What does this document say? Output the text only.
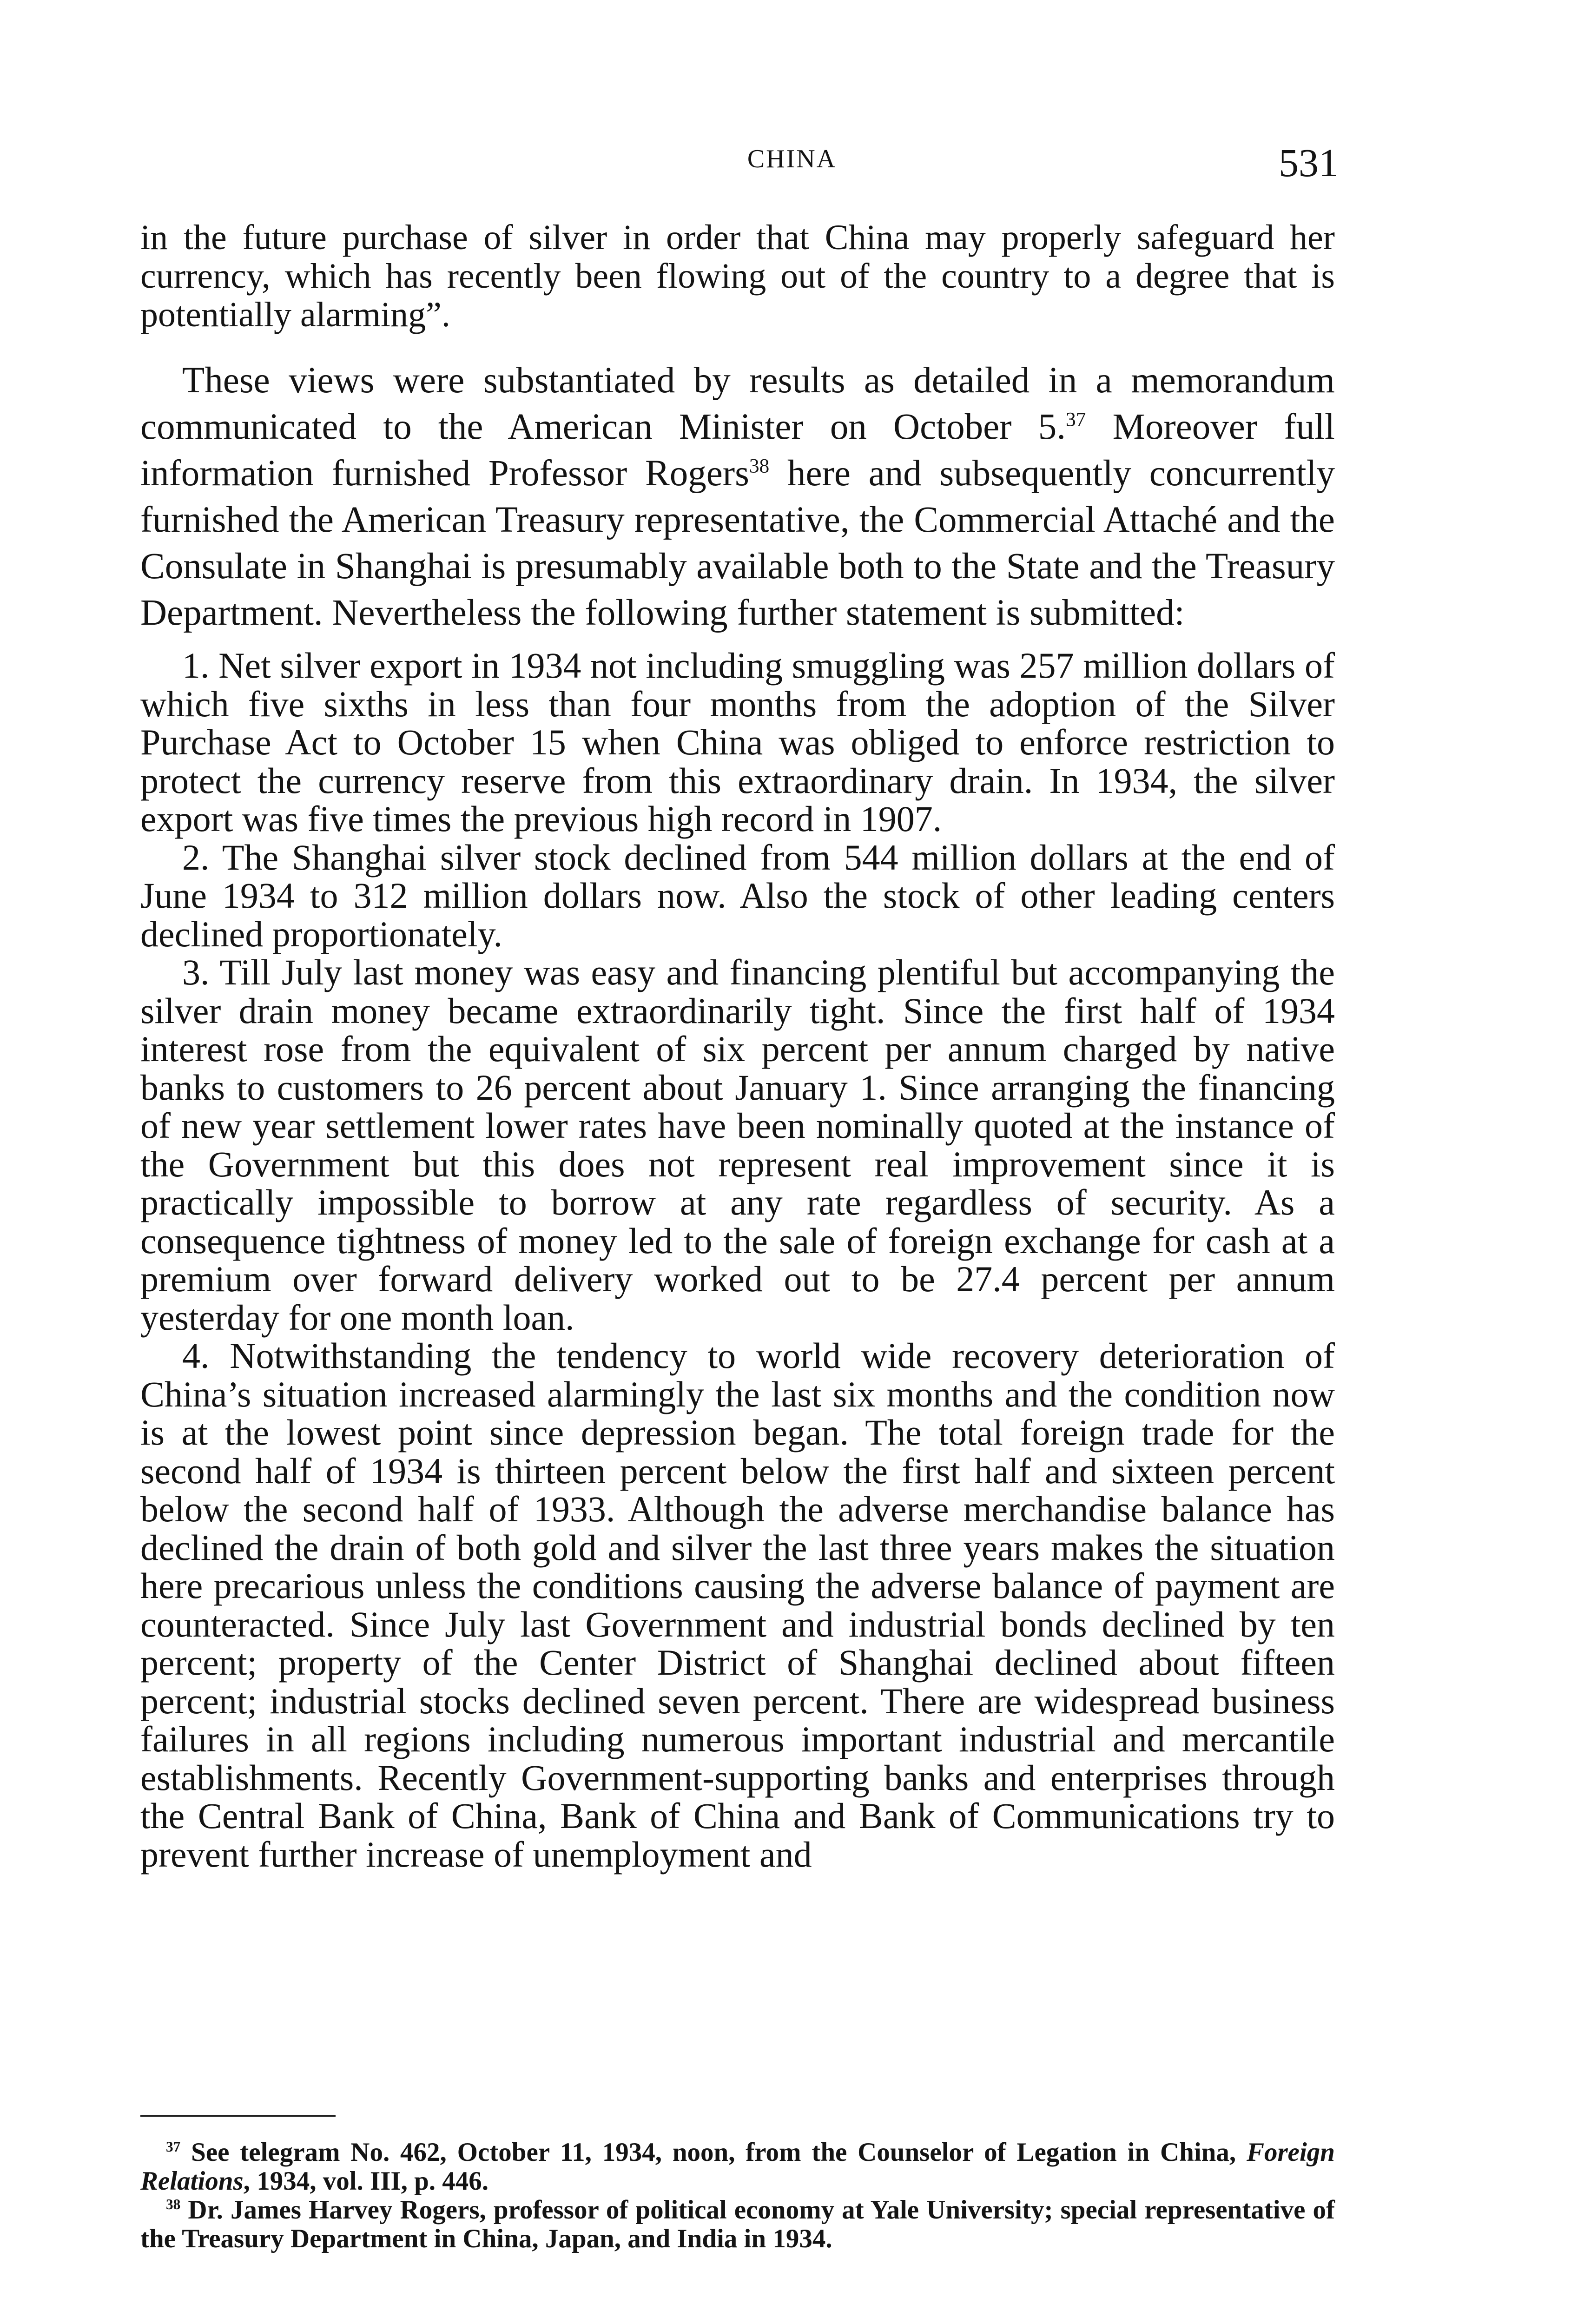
CHINA	531

in the future purchase of silver in order that China may properly safeguard her currency, which has recently been flowing out of the country to a degree that is potentially alarming”.

These views were substantiated by results as detailed in a memorandum communicated to the American Minister on October 5.37 Moreover full information furnished Professor Rogers$^{38}$ here and subsequently concurrently furnished the American Treasury representative, the Commercial Attaché and the Consulate in Shanghai is presumably available both to the State and the Treasury Department. Nevertheless the following further statement is submitted:

1. Net silver export in 1934 not including smuggling was 257 million dollars of which five sixths in less than four months from the adoption of the Silver Purchase Act to October 15 when China was obliged to enforce restriction to protect the currency reserve from this extraordinary drain. In 1934, the silver export was five times the previous high record in 1907.

2. The Shanghai silver stock declined from 544 million dollars at the end of June 1934 to 312 million dollars now. Also the stock of other leading centers declined proportionately.

3. Till July last money was easy and financing plentiful but accompanying the silver drain money became extraordinarily tight. Since the first half of 1934 interest rose from the equivalent of six percent per annum charged by native banks to customers to 26 percent about January 1. Since arranging the financing of new year settlement lower rates have been nominally quoted at the instance of the Government but this does not represent real improvement since it is practically impossible to borrow at any rate regardless of security. As a consequence tightness of money led to the sale of foreign exchange for cash at a premium over forward delivery worked out to be 27.4 percent per annum yesterday for one month loan.

4. Notwithstanding the tendency to world wide recovery deterioration of China’s situation increased alarmingly the last six months and the condition now is at the lowest point since depression began. The total foreign trade for the second half of 1934 is thirteen percent below the first half and sixteen percent below the second half of 1933. Although the adverse merchandise balance has declined the drain of both gold and silver the last three years makes the situation here precarious unless the conditions causing the adverse balance of payment are counteracted. Since July last Government and industrial bonds declined by ten percent; property of the Center District of Shanghai declined about fifteen percent; industrial stocks declined seven percent. There are widespread business failures in all regions including numerous important industrial and mercantile establishments. Recently Government-supporting banks and enterprises through the Central Bank of China, Bank of China and Bank of Communications try to prevent further increase of unemployment and

$^{37}$ See telegram No. 462, October 11, 1934, noon, from the Counselor of Legation in China, Foreign Relations, 1934, vol. III, p. 446.

$^{38}$ Dr. James Harvey Rogers, professor of political economy at Yale University; special representative of the Treasury Department in China, Japan, and India in 1934.
